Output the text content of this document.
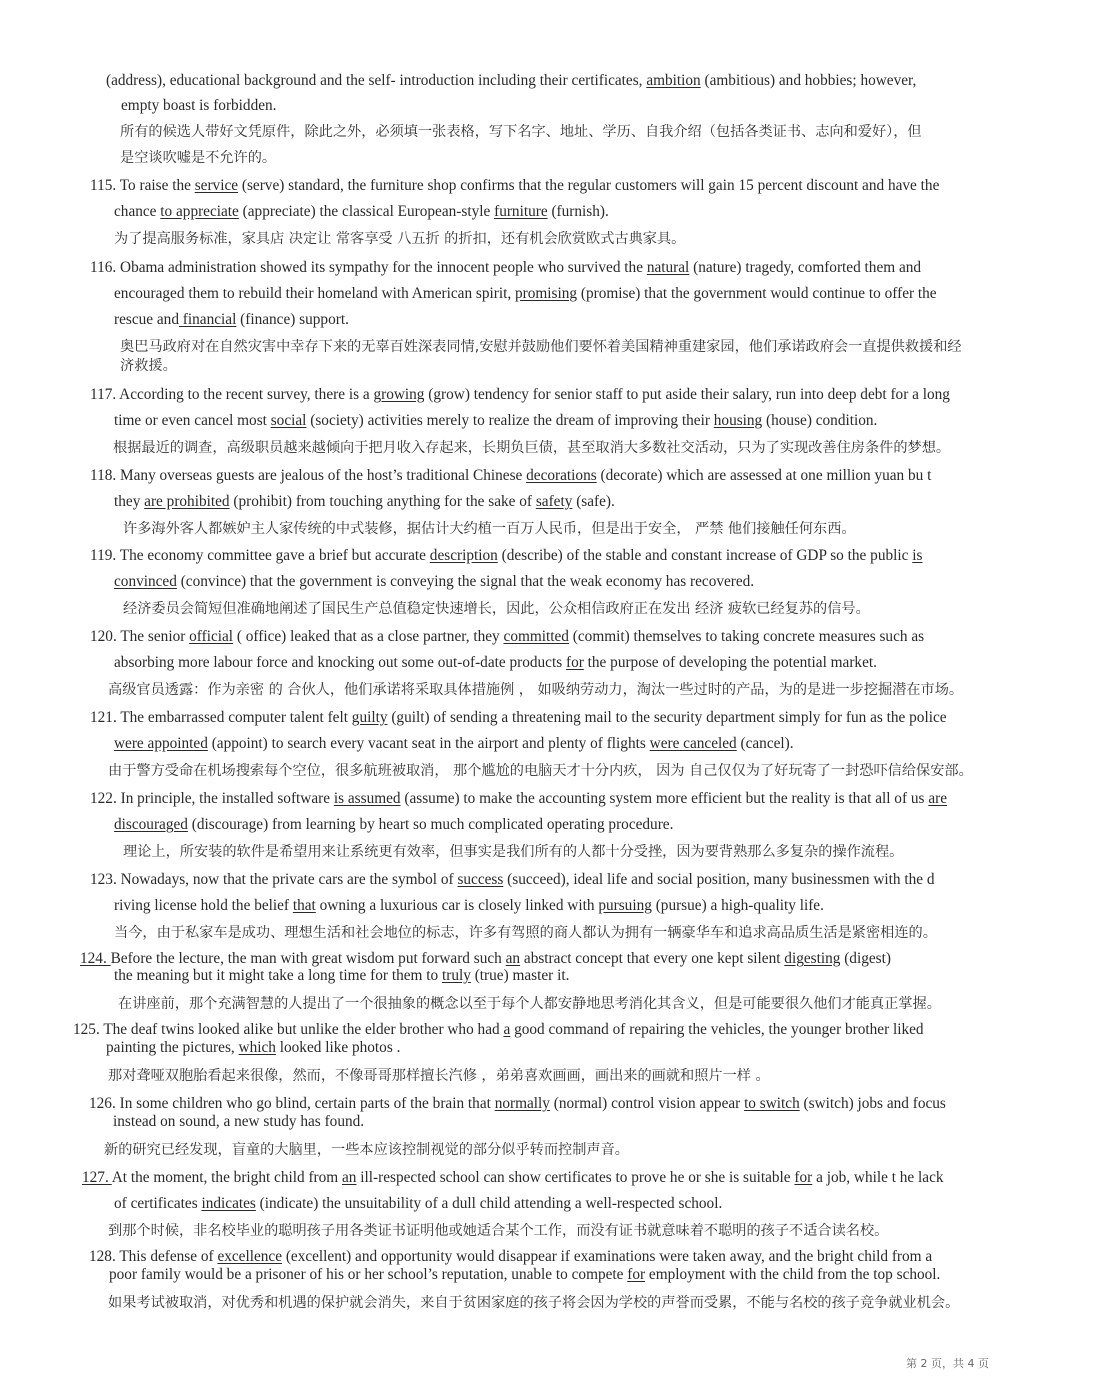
(address), educational background and the self- introduction including their certificates, ambition (ambitious) and hobbies; however,
empty boast is forbidden.
所有的候选人带好文凭原件，除此之外，必须填一张表格，写下名字、地址、学历、自我介绍（包括各类证书、志向和爱好），但
是空谈吹嘘是不允许的。
115. To raise the service (serve) standard, the furniture shop confirms that the regular customers will gain 15 percent discount and have the
chance to appreciate (appreciate) the classical European-style furniture (furnish).
为了提高服务标准，家具店 决定让 常客享受 八五折 的折扣，还有机会欣赏欧式古典家具。
116. Obama administration showed its sympathy for the innocent people who survived the natural (nature) tragedy, comforted them and
encouraged them to rebuild their homeland with American spirit, promising (promise) that the government would continue to offer the
rescue and financial (finance) support.
奥巴马政府对在自然灾害中幸存下来的无辜百姓深表同情,安慰并鼓励他们要怀着美国精神重建家园，他们承诺政府会一直提供救援和经
济救援。
117. According to the recent survey, there is a growing (grow) tendency for senior staff to put aside their salary, run into deep debt for a long
time or even cancel most social (society) activities merely to realize the dream of improving their housing (house) condition.
根据最近的调查，高级职员越来越倾向于把月收入存起来，长期负巨债，甚至取消大多数社交活动，只为了实现改善住房条件的梦想。
118. Many overseas guests are jealous of the host’s traditional Chinese decorations (decorate) which are assessed at one million yuan bu t
they are prohibited (prohibit) from touching anything for the sake of safety (safe).
许多海外客人都嫉妒主人家传统的中式装修，据估计大约植一百万人民币，但是出于安全， 严禁 他们接触任何东西。
119. The economy committee gave a brief but accurate description (describe) of the stable and constant increase of GDP so the public is
convinced (convince) that the government is conveying the signal that the weak economy has recovered.
经济委员会简短但准确地阐述了国民生产总值稳定快速增长，因此，公众相信政府正在发出 经济 疲软已经复苏的信号。
120. The senior official ( office) leaked that as a close partner, they committed (commit) themselves to taking concrete measures such as
absorbing more labour force and knocking out some out-of-date products for the purpose of developing the potential market.
高级官员透露：作为亲密 的 合伙人，他们承诺将采取具体措施例 ， 如吸纳劳动力，淘汰一些过时的产品，为的是进一步挖掘潜在市场。
121. The embarrassed computer talent felt guilty (guilt) of sending a threatening mail to the security department simply for fun as the police
were appointed (appoint) to search every vacant seat in the airport and plenty of flights were canceled (cancel).
由于警方受命在机场搜索每个空位，很多航班被取消， 那个尴尬的电脑天才十分内疚， 因为 自己仅仅为了好玩寄了一封恐吓信给保安部。
122. In principle, the installed software is assumed (assume) to make the accounting system more efficient but the reality is that all of us are
discouraged (discourage) from learning by heart so much complicated operating procedure.
理论上，所安装的软件是希望用来让系统更有效率，但事实是我们所有的人都十分受挫，因为要背熟那么多复杂的操作流程。
123. Nowadays, now that the private cars are the symbol of success (succeed), ideal life and social position, many businessmen with the d
riving license hold the belief that owning a luxurious car is closely linked with pursuing (pursue) a high-quality life.
当今，由于私家车是成功、理想生活和社会地位的标志，许多有驾照的商人都认为拥有一辆豪华车和追求高品质生活是紧密相连的。
124. Before the lecture, the man with great wisdom put forward such an abstract concept that every one kept silent digesting (digest)
the meaning but it might take a long time for them to truly (true) master it.
在讲座前，那个充满智慧的人提出了一个很抽象的概念以至于每个人都安静地思考消化其含义，但是可能要很久他们才能真正掌握。
125. The deaf twins looked alike but unlike the elder brother who had a good command of repairing the vehicles, the younger brother liked
painting the pictures, which looked like photos .
那对聋哑双胞胎看起来很像，然而，不像哥哥那样擅长汽修 ，弟弟喜欢画画，画出来的画就和照片一样 。
126. In some children who go blind, certain parts of the brain that normally (normal) control vision appear to switch (switch) jobs and focus
instead on sound, a new study has found.
新的研究已经发现，盲童的大脑里，一些本应该控制视觉的部分似乎转而控制声音。
127. At the moment, the bright child from an ill-respected school can show certificates to prove he or she is suitable for a job, while t he lack
of certificates indicates (indicate) the unsuitability of a dull child attending a well-respected school.
到那个时候，非名校毕业的聪明孩子用各类证书证明他或她适合某个工作，而没有证书就意味着不聪明的孩子不适合读名校。
128. This defense of excellence (excellent) and opportunity would disappear if examinations were taken away, and the bright child from a
poor family would be a prisoner of his or her school’s reputation, unable to compete for employment with the child from the top school.
如果考试被取消，对优秀和机遇的保护就会消失，来自于贫困家庭的孩子将会因为学校的声誉而受累，不能与名校的孩子竞争就业机会。
第 2 页，共 4 页
